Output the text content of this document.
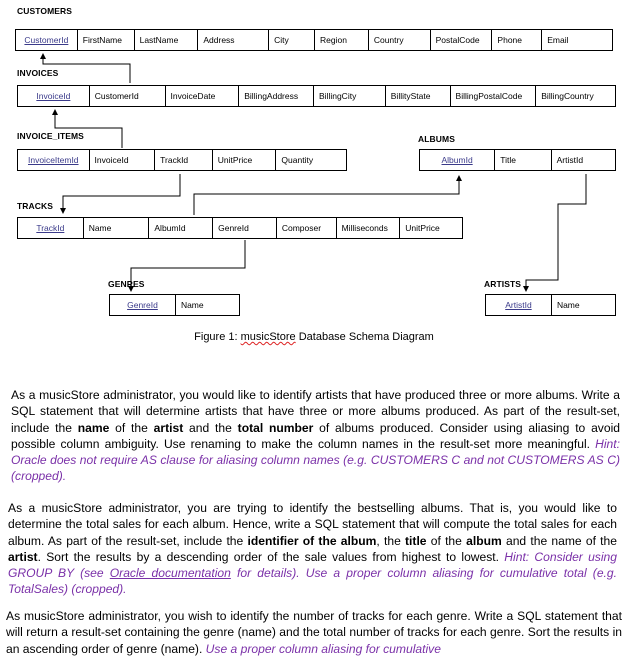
CUSTOMERS
CustomerId	FirstName	LastName	Address	City	Region	Country	PostalCode	Phone	Email
INVOICES
InvoiceId	CustomerId	InvoiceDate	BillingAddress	BillingCity	BillityState	BillingPostalCode	BillingCountry
INVOICE_ITEMS
InvoiceItemId	InvoiceId	TrackId	UnitPrice	Quantity
ALBUMS
AlbumId	Title	ArtistId
TRACKS
TrackId	Name	AlbumId	GenreId	Composer	Milliseconds	UnitPrice
GENRES
GenreId	Name
ARTISTS
ArtistId	Name
Figure 1: musicStore Database Schema Diagram
As a musicStore administrator, you would like to identify artists that have produced three or more albums. Write a SQL statement that will determine artists that have three or more albums produced. As part of the result-set, include the name of the artist and the total number of albums produced. Consider using aliasing to avoid possible column ambiguity. Use renaming to make the column names in the result-set more meaningful. Hint: Oracle does not require AS clause for aliasing column names (e.g. CUSTOMERS C and not CUSTOMERS AS C) (cropped).
As a musicStore administrator, you are trying to identify the bestselling albums. That is, you would like to determine the total sales for each album. Hence, write a SQL statement that will compute the total sales for each album. As part of the result-set, include the identifier of the album, the title of the album and the name of the artist. Sort the results by a descending order of the sale values from highest to lowest. Hint: Consider using GROUP BY (see Oracle documentation for details). Use a proper column aliasing for cumulative total (e.g. TotalSales) (cropped).
As musicStore administrator, you wish to identify the number of tracks for each genre. Write a SQL statement that will return a result-set containing the genre (name) and the total number of tracks for each genre. Sort the results in an ascending order of genre (name). Use a proper column aliasing for cumulative
